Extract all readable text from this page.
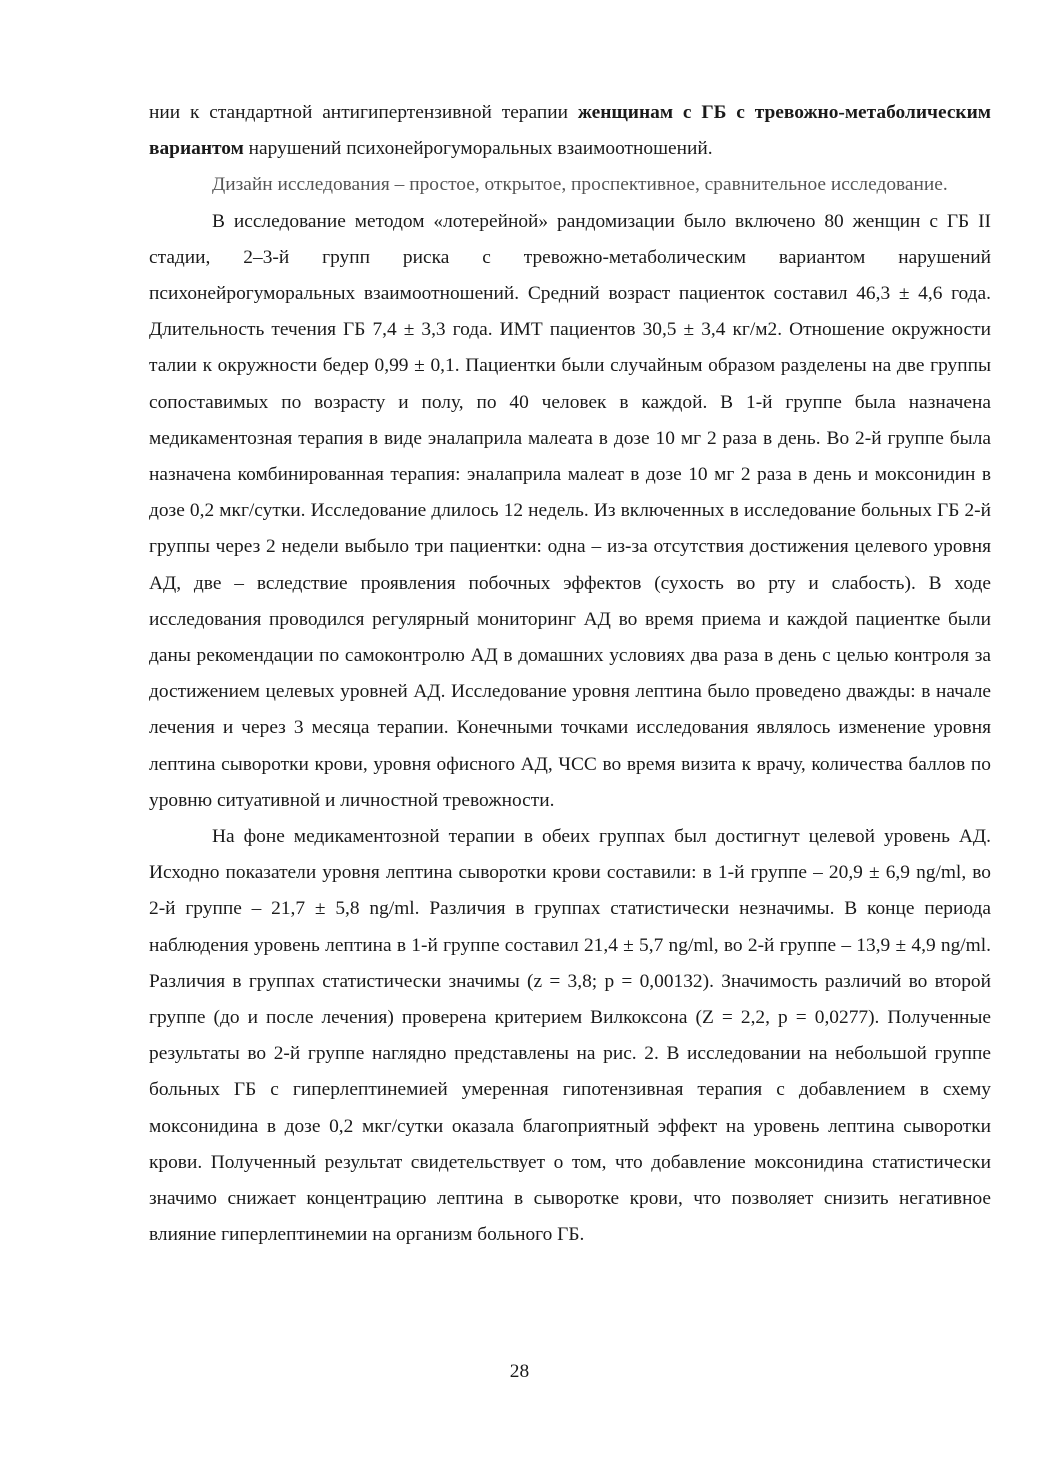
нии к стандартной антигипертензивной терапии женщинам с ГБ с тревожно-метаболическим вариантом нарушений психонейрогуморальных взаимоотношений.

Дизайн исследования – простое, открытое, проспективное, сравнительное исследование.

В исследование методом «лотерейной» рандомизации было включено 80 женщин с ГБ II стадии, 2–3-й групп риска с тревожно-метаболическим вариантом нарушений психонейрогуморальных взаимоотношений. Средний возраст пациенток составил 46,3 ± 4,6 года. Длительность течения ГБ 7,4 ± 3,3 года. ИМТ пациентов 30,5 ± 3,4 кг/м2. Отношение окружности талии к окружности бедер 0,99 ± 0,1. Пациентки были случайным образом разделены на две группы сопоставимых по возрасту и полу, по 40 человек в каждой. В 1-й группе была назначена медикаментозная терапия в виде эналаприла малеата в дозе 10 мг 2 раза в день. Во 2-й группе была назначена комбинированная терапия: эналаприла малеат в дозе 10 мг 2 раза в день и моксонидин в дозе 0,2 мкг/сутки. Исследование длилось 12 недель. Из включенных в исследование больных ГБ 2-й группы через 2 недели выбыло три пациентки: одна – из-за отсутствия достижения целевого уровня АД, две – вследствие проявления побочных эффектов (сухость во рту и слабость). В ходе исследования проводился регулярный мониторинг АД во время приема и каждой пациентке были даны рекомендации по самоконтролю АД в домашних условиях два раза в день с целью контроля за достижением целевых уровней АД. Исследование уровня лептина было проведено дважды: в начале лечения и через 3 месяца терапии. Конечными точками исследования являлось изменение уровня лептина сыворотки крови, уровня офисного АД, ЧСС во время визита к врачу, количества баллов по уровню ситуативной и личностной тревожности.

На фоне медикаментозной терапии в обеих группах был достигнут целевой уровень АД. Исходно показатели уровня лептина сыворотки крови составили: в 1-й группе – 20,9 ± 6,9 ng/ml, во 2-й группе – 21,7 ± 5,8 ng/ml. Различия в группах статистически незначимы. В конце периода наблюдения уровень лептина в 1-й группе составил 21,4 ± 5,7 ng/ml, во 2-й группе – 13,9 ± 4,9 ng/ml. Различия в группах статистически значимы (z = 3,8; p = 0,00132). Значимость различий во второй группе (до и после лечения) проверена критерием Вилкоксона (Z = 2,2, p = 0,0277). Полученные результаты во 2-й группе наглядно представлены на рис. 2. В исследовании на небольшой группе больных ГБ с гиперлептинемией умеренная гипотензивная терапия с добавлением в схему моксонидина в дозе 0,2 мкг/сутки оказала благоприятный эффект на уровень лептина сыворотки крови. Полученный результат свидетельствует о том, что добавление моксонидина статистически значимо снижает концентрацию лептина в сыворотке крови, что позволяет снизить негативное влияние гиперлептинемии на организм больного ГБ.

28
